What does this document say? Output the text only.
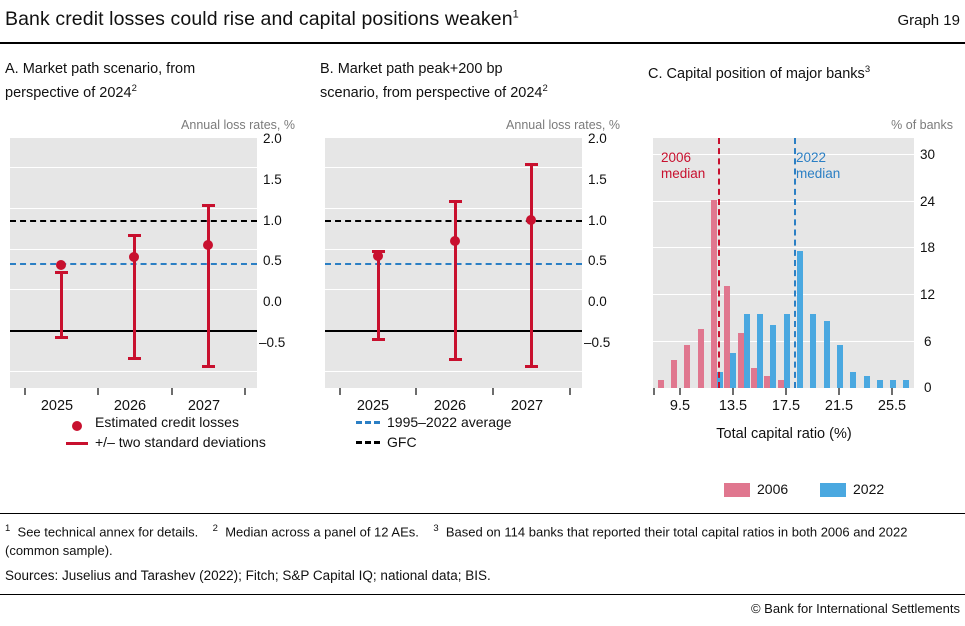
Bank credit losses could rise and capital positions weaken$^1$	Graph 19
A. Market path scenario, from
perspective of 2024$^2$
Annual loss rates, %
2.0
1.5
1.0
0.5
0.0
–0.5
2025	2026	2027
Estimated credit losses
+/– two standard deviations
B. Market path peak+200 bp
scenario, from perspective of 2024$^2$
Annual loss rates, %
2.0
1.5
1.0
0.5
0.0
–0.5
2025	2026	2027
1995–2022 average
GFC
C. Capital position of major banks$^3$
% of banks
2006
median
2022
median
30
24
18
12
6
0
9.5	13.5	17.5	21.5	25.5
Total capital ratio (%)
2006	2022
$^1$ See technical annex for details. $^2$ Median across a panel of 12 AEs. $^3$ Based on 114 banks that reported their total capital ratios in both 2006 and 2022 (common sample).
Sources: Juselius and Tarashev (2022); Fitch; S&P Capital IQ; national data; BIS.
© Bank for International Settlements
